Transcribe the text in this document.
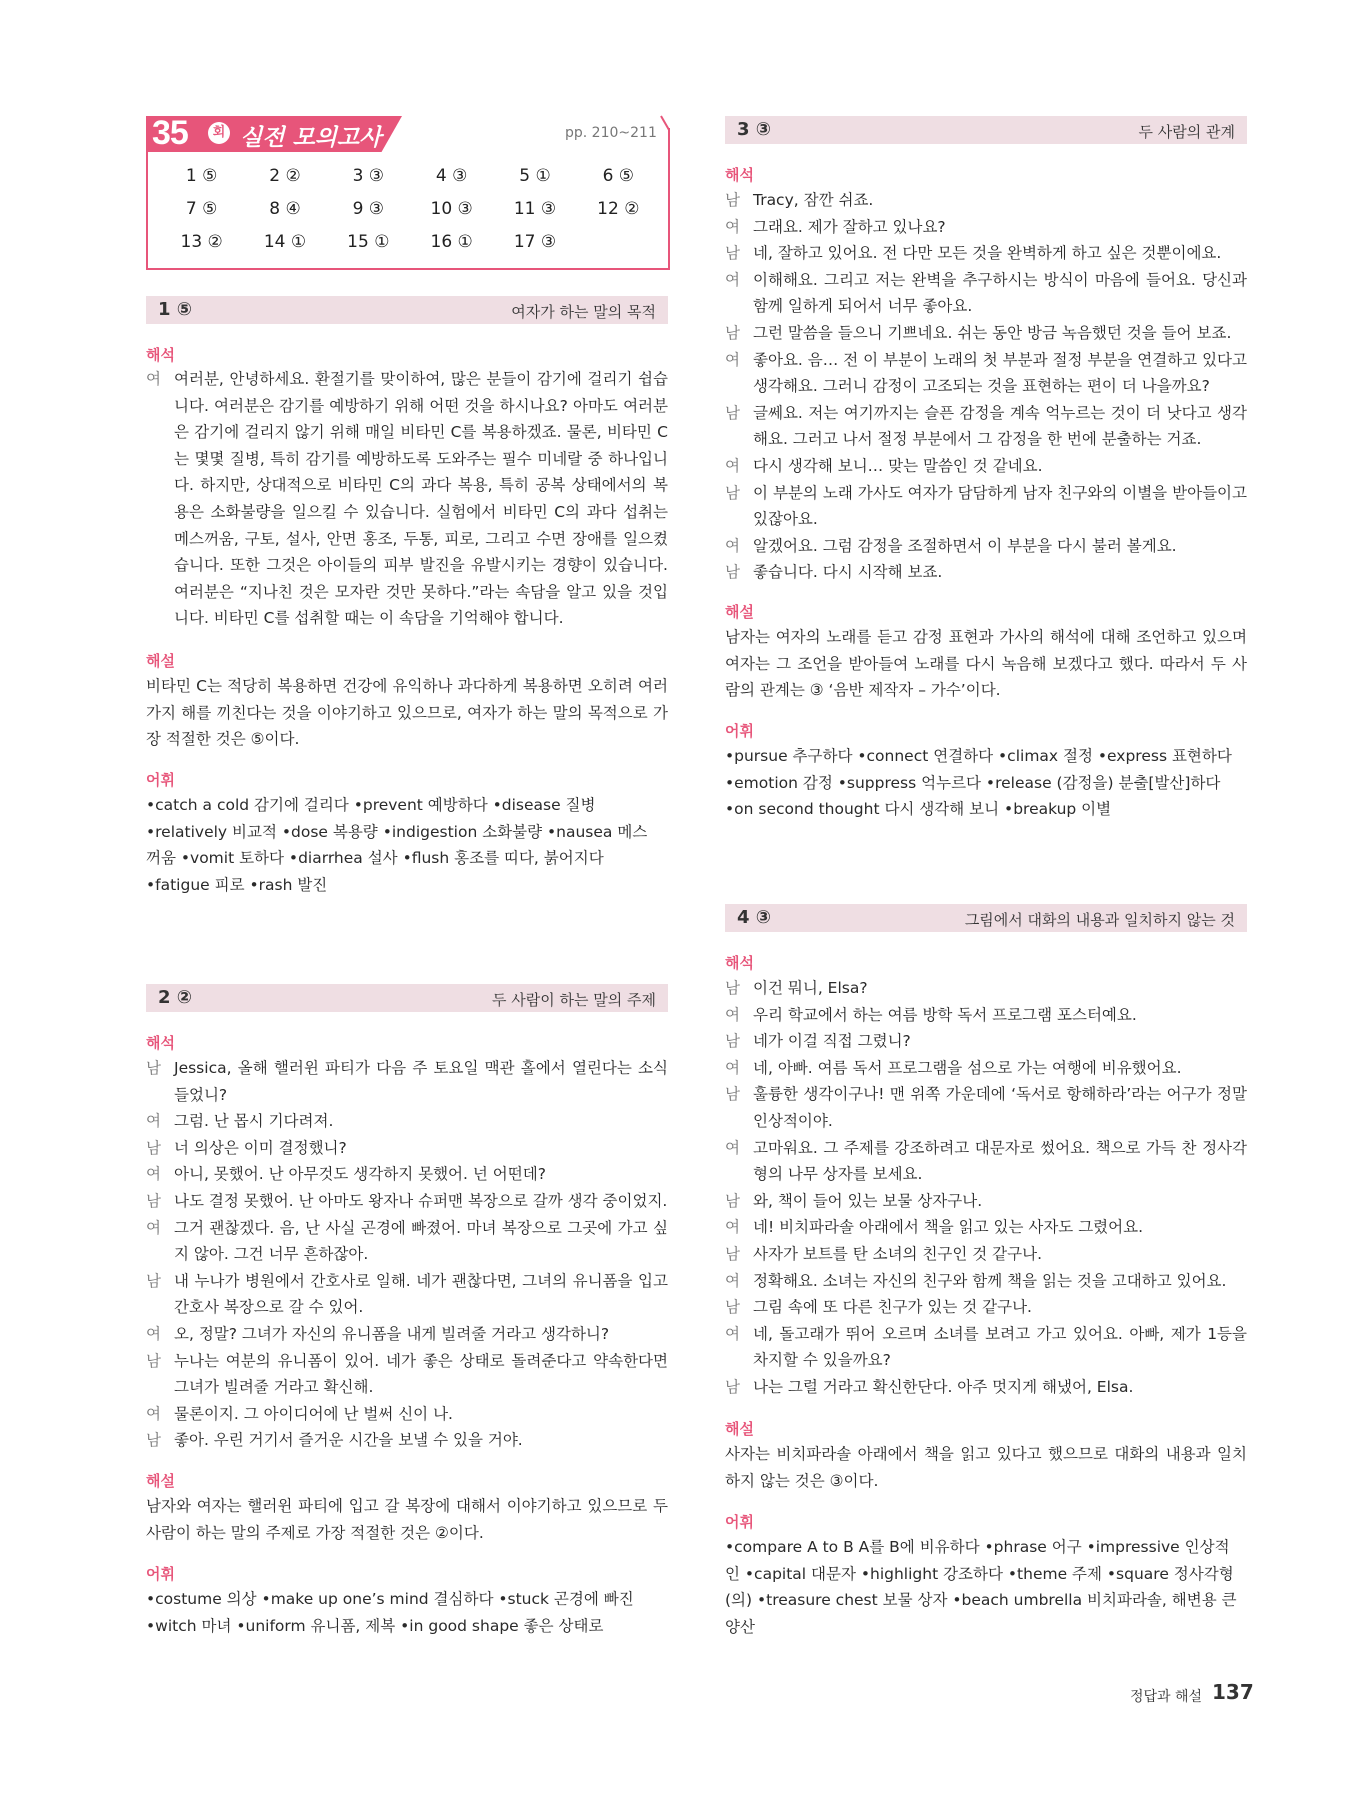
35	회 실전 모의고사	pp. 210~211
1 ⑤	2 ②	3 ③	4 ③	5 ①	6 ⑤
7 ⑤	8 ④	9 ③	10 ③	11 ③	12 ②
13 ②	14 ①	15 ①	16 ①	17 ③
1 ⑤	여자가 하는 말의 목적
해석
여 여러분, 안녕하세요. 환절기를 맞이하여, 많은 분들이 감기에 걸리기 쉽습니다. 여러분은 감기를 예방하기 위해 어떤 것을 하시나요? 아마도 여러분은 감기에 걸리지 않기 위해 매일 비타민 C를 복용하겠죠. 물론, 비타민 C는 몇몇 질병, 특히 감기를 예방하도록 도와주는 필수 미네랄 중 하나입니다. 하지만, 상대적으로 비타민 C의 과다 복용, 특히 공복 상태에서의 복용은 소화불량을 일으킬 수 있습니다. 실험에서 비타민 C의 과다 섭취는 메스꺼움, 구토, 설사, 안면 홍조, 두통, 피로, 그리고 수면 장애를 일으켰습니다. 또한 그것은 아이들의 피부 발진을 유발시키는 경향이 있습니다. 여러분은 “지나친 것은 모자란 것만 못하다.”라는 속담을 알고 있을 것입니다. 비타민 C를 섭취할 때는 이 속담을 기억해야 합니다.
해설
비타민 C는 적당히 복용하면 건강에 유익하나 과다하게 복용하면 오히려 여러 가지 해를 끼친다는 것을 이야기하고 있으므로, 여자가 하는 말의 목적으로 가장 적절한 것은 ⑤이다.
어휘
•catch a cold 감기에 걸리다 •prevent 예방하다 •disease 질병
•relatively 비교적 •dose 복용량 •indigestion 소화불량 •nausea 메스
꺼움 •vomit 토하다 •diarrhea 설사 •flush 홍조를 띠다, 붉어지다
•fatigue 피로 •rash 발진
2 ②	두 사람이 하는 말의 주제
해석
남 Jessica, 올해 핼러윈 파티가 다음 주 토요일 맥관 홀에서 열린다는 소식 들었니?
여 그럼. 난 몹시 기다려져.
남 너 의상은 이미 결정했니?
여 아니, 못했어. 난 아무것도 생각하지 못했어. 넌 어떤데?
남 나도 결정 못했어. 난 아마도 왕자나 슈퍼맨 복장으로 갈까 생각 중이었지.
여 그거 괜찮겠다. 음, 난 사실 곤경에 빠졌어. 마녀 복장으로 그곳에 가고 싶지 않아. 그건 너무 흔하잖아.
남 내 누나가 병원에서 간호사로 일해. 네가 괜찮다면, 그녀의 유니폼을 입고 간호사 복장으로 갈 수 있어.
여 오, 정말? 그녀가 자신의 유니폼을 내게 빌려줄 거라고 생각하니?
남 누나는 여분의 유니폼이 있어. 네가 좋은 상태로 돌려준다고 약속한다면 그녀가 빌려줄 거라고 확신해.
여 물론이지. 그 아이디어에 난 벌써 신이 나.
남 좋아. 우린 거기서 즐거운 시간을 보낼 수 있을 거야.
해설
남자와 여자는 핼러윈 파티에 입고 갈 복장에 대해서 이야기하고 있으므로 두 사람이 하는 말의 주제로 가장 적절한 것은 ②이다.
어휘
•costume 의상 •make up one’s mind 결심하다 •stuck 곤경에 빠진
•witch 마녀 •uniform 유니폼, 제복 •in good shape 좋은 상태로
3 ③	두 사람의 관계
해석
남 Tracy, 잠깐 쉬죠.
여 그래요. 제가 잘하고 있나요?
남 네, 잘하고 있어요. 전 다만 모든 것을 완벽하게 하고 싶은 것뿐이에요.
여 이해해요. 그리고 저는 완벽을 추구하시는 방식이 마음에 들어요. 당신과 함께 일하게 되어서 너무 좋아요.
남 그런 말씀을 들으니 기쁘네요. 쉬는 동안 방금 녹음했던 것을 들어 보죠.
여 좋아요. 음… 전 이 부분이 노래의 첫 부분과 절정 부분을 연결하고 있다고 생각해요. 그러니 감정이 고조되는 것을 표현하는 편이 더 나을까요?
남 글쎄요. 저는 여기까지는 슬픈 감정을 계속 억누르는 것이 더 낫다고 생각해요. 그러고 나서 절정 부분에서 그 감정을 한 번에 분출하는 거죠.
여 다시 생각해 보니… 맞는 말씀인 것 같네요.
남 이 부분의 노래 가사도 여자가 담담하게 남자 친구와의 이별을 받아들이고 있잖아요.
여 알겠어요. 그럼 감정을 조절하면서 이 부분을 다시 불러 볼게요.
남 좋습니다. 다시 시작해 보죠.
해설
남자는 여자의 노래를 듣고 감정 표현과 가사의 해석에 대해 조언하고 있으며 여자는 그 조언을 받아들여 노래를 다시 녹음해 보겠다고 했다. 따라서 두 사람의 관계는 ③ ‘음반 제작자 – 가수’이다.
어휘
•pursue 추구하다 •connect 연결하다 •climax 절정 •express 표현하다
•emotion 감정 •suppress 억누르다 •release (감정을) 분출[발산]하다
•on second thought 다시 생각해 보니 •breakup 이별
4 ③	그림에서 대화의 내용과 일치하지 않는 것
해석
남 이건 뭐니, Elsa?
여 우리 학교에서 하는 여름 방학 독서 프로그램 포스터예요.
남 네가 이걸 직접 그렸니?
여 네, 아빠. 여름 독서 프로그램을 섬으로 가는 여행에 비유했어요.
남 훌륭한 생각이구나! 맨 위쪽 가운데에 ‘독서로 항해하라’라는 어구가 정말 인상적이야.
여 고마워요. 그 주제를 강조하려고 대문자로 썼어요. 책으로 가득 찬 정사각형의 나무 상자를 보세요.
남 와, 책이 들어 있는 보물 상자구나.
여 네! 비치파라솔 아래에서 책을 읽고 있는 사자도 그렸어요.
남 사자가 보트를 탄 소녀의 친구인 것 같구나.
여 정확해요. 소녀는 자신의 친구와 함께 책을 읽는 것을 고대하고 있어요.
남 그림 속에 또 다른 친구가 있는 것 같구나.
여 네, 돌고래가 뛰어 오르며 소녀를 보려고 가고 있어요. 아빠, 제가 1등을 차지할 수 있을까요?
남 나는 그럴 거라고 확신한단다. 아주 멋지게 해냈어, Elsa.
해설
사자는 비치파라솔 아래에서 책을 읽고 있다고 했으므로 대화의 내용과 일치하지 않는 것은 ③이다.
어휘
•compare A to B A를 B에 비유하다 •phrase 어구 •impressive 인상적
인 •capital 대문자 •highlight 강조하다 •theme 주제 •square 정사각형
(의) •treasure chest 보물 상자 •beach umbrella 비치파라솔, 해변용 큰
양산
정답과 해설 137
